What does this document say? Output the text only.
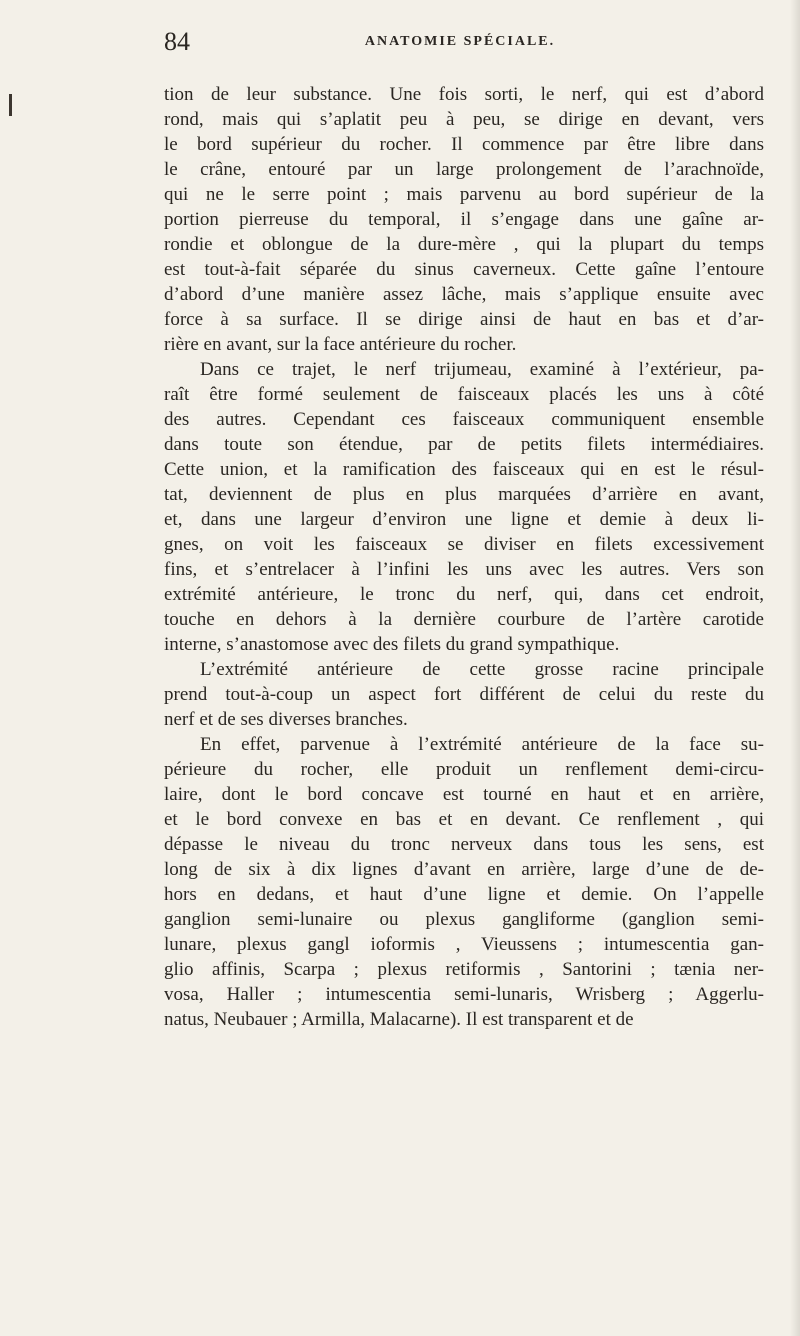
84	ANATOMIE SPÉCIALE.
tion de leur substance. Une fois sorti, le nerf, qui est d’abord
rond, mais qui s’aplatit peu à peu, se dirige en devant, vers
le bord supérieur du rocher. Il commence par être libre dans
le crâne, entouré par un large prolongement de l’arachnoïde,
qui ne le serre point ; mais parvenu au bord supérieur de la
portion pierreuse du temporal, il s’engage dans une gaîne ar-
rondie et oblongue de la dure-mère , qui la plupart du temps
est tout-à-fait séparée du sinus caverneux. Cette gaîne l’entoure
d’abord d’une manière assez lâche, mais s’applique ensuite avec
force à sa surface. Il se dirige ainsi de haut en bas et d’ar-
rière en avant, sur la face antérieure du rocher.
Dans ce trajet, le nerf trijumeau, examiné à l’extérieur, pa-
raît être formé seulement de faisceaux placés les uns à côté
des autres. Cependant ces faisceaux communiquent ensemble
dans toute son étendue, par de petits filets intermédiaires.
Cette union, et la ramification des faisceaux qui en est le résul-
tat, deviennent de plus en plus marquées d’arrière en avant,
et, dans une largeur d’environ une ligne et demie à deux li-
gnes, on voit les faisceaux se diviser en filets excessivement
fins, et s’entrelacer à l’infini les uns avec les autres. Vers son
extrémité antérieure, le tronc du nerf, qui, dans cet endroit,
touche en dehors à la dernière courbure de l’artère carotide
interne, s’anastomose avec des filets du grand sympathique.
L’extrémité antérieure de cette grosse racine principale
prend tout-à-coup un aspect fort différent de celui du reste du
nerf et de ses diverses branches.
En effet, parvenue à l’extrémité antérieure de la face su-
périeure du rocher, elle produit un renflement demi-circu-
laire, dont le bord concave est tourné en haut et en arrière,
et le bord convexe en bas et en devant. Ce renflement , qui
dépasse le niveau du tronc nerveux dans tous les sens, est
long de six à dix lignes d’avant en arrière, large d’une de de-
hors en dedans, et haut d’une ligne et demie. On l’appelle
ganglion semi-lunaire ou plexus gangliforme (ganglion semi-
lunare, plexus gangl ioformis , Vieussens ; intumescentia gan-
glio affinis, Scarpa ; plexus retiformis , Santorini ; tænia ner-
vosa, Haller ; intumescentia semi-lunaris, Wrisberg ; Aggerlu-
natus, Neubauer ; Armilla, Malacarne). Il est transparent et de
